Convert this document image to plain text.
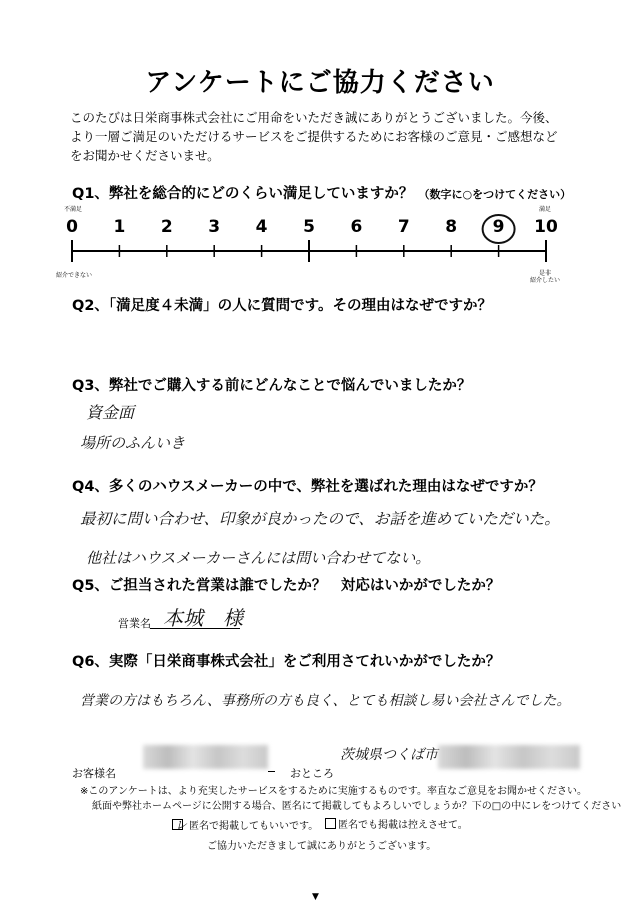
アンケートにご協力ください
このたびは日栄商事株式会社にご用命をいただき誠にありがとうございました。今後、
より一層ご満足のいただけるサービスをご提供するためにお客様のご意見・ご感想など
をお聞かせくださいませ。
Q1、弊社を総合的にどのくらい満足していますか？ （数字に○をつけてください）
不満足	満足
0	1	2	3	4	5	6	7	8	9	10
紹介できない	是非
紹介したい
Q2、「満足度４未満」の人に質問です。その理由はなぜですか？
Q3、弊社でご購入する前にどんなことで悩んでいましたか？
資金面
場所のふんいき
Q4、多くのハウスメーカーの中で、弊社を選ばれた理由はなぜですか？
最初に問い合わせ、印象が良かったので、お話を進めていただいた。
他社はハウスメーカーさんには問い合わせてない。
Q5、ご担当された営業は誰でしたか？　対応はいかがでしたか？
営業名 本城　様
Q6、実際「日栄商事株式会社」をご利用さてれいかがでしたか？
営業の方はもちろん、事務所の方も良く、とても相談し易い会社さんでした。
お客様名	おところ
茨城県つくば市
※このアンケートは、より充実したサービスをするために実施するものです。率直なご意見をお聞かせください。
紙面や弊社ホームページに公開する場合、匿名にて掲載してもよろしいでしょうか？下の□の中にレをつけてください
レ 匿名で掲載してもいいです。	匿名でも掲載は控えさせて。
ご協力いただきまして誠にありがとうございます。
▼
